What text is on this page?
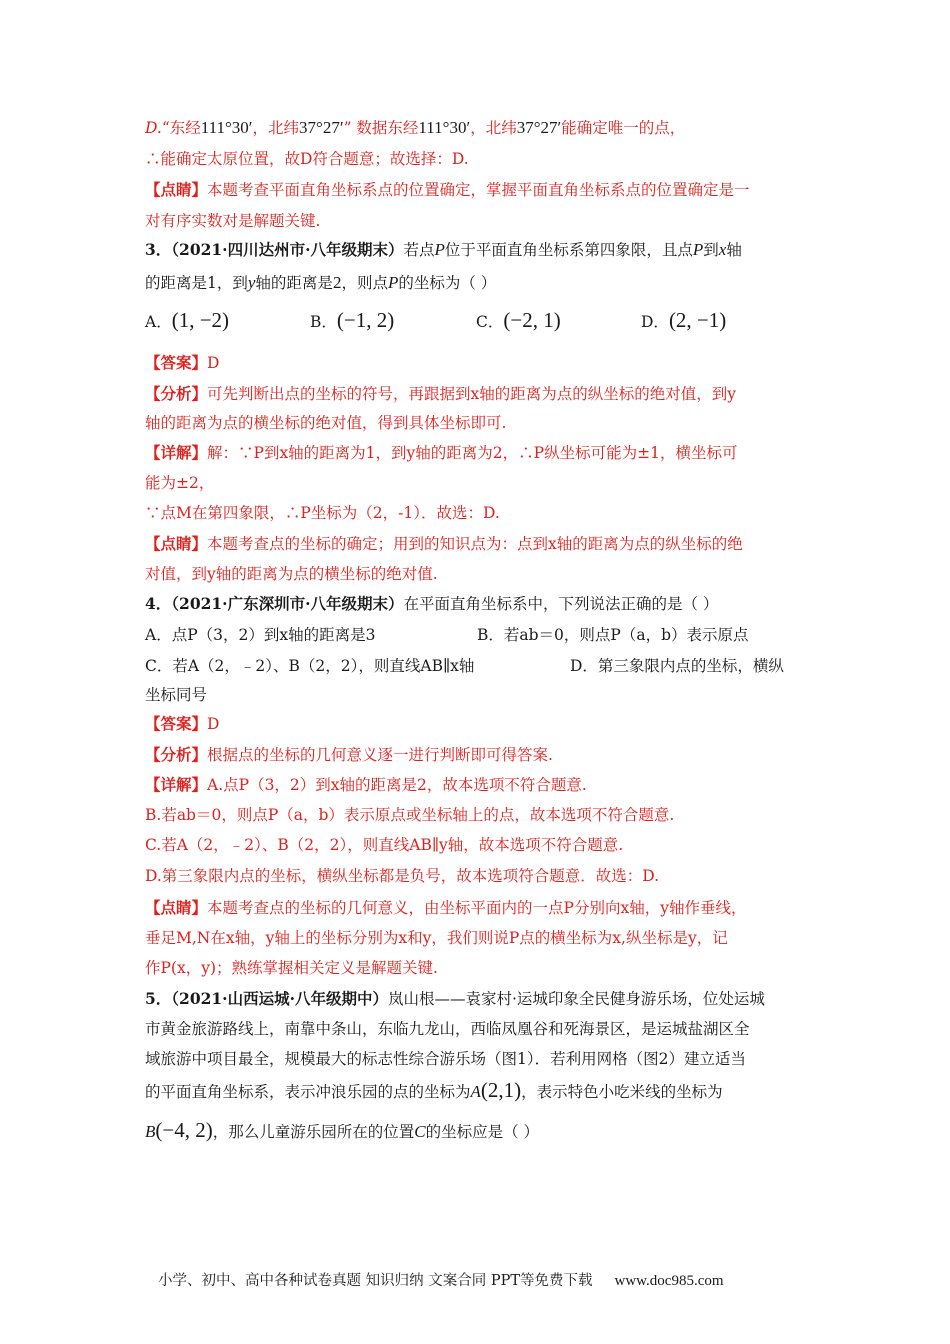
D.“东经111°30′，北纬37°27′” 数据东经111°30′，北纬37°27′能确定唯一的点，
∴能确定太原位置，故D符合题意；故选择：D.
【点睛】本题考查平面直角坐标系点的位置确定，掌握平面直角坐标系点的位置确定是一
对有序实数对是解题关键.
3．（2021·四川达州市·八年级期末）若点P位于平面直角坐标系第四象限，且点P到x轴
的距离是1，到y轴的距离是2，则点P的坐标为（ ）
A．(1, −2)	B．(−1, 2)	C．(−2, 1)	D．(2, −1)
【答案】D
【分析】可先判断出点的坐标的符号，再跟据到x轴的距离为点的纵坐标的绝对值，到y
轴的距离为点的横坐标的绝对值，得到具体坐标即可.
【详解】解：∵P到x轴的距离为1，到y轴的距离为2，∴P纵坐标可能为±1，横坐标可
能为±2，
∵点M在第四象限，∴P坐标为（2，-1）．故选：D.
【点睛】本题考查点的坐标的确定；用到的知识点为：点到x轴的距离为点的纵坐标的绝
对值，到y轴的距离为点的横坐标的绝对值.
4．（2021·广东深圳市·八年级期末）在平面直角坐标系中，下列说法正确的是（ ）
A．点P（3，2）到x轴的距离是3	B．若ab＝0，则点P（a，b）表示原点
C．若A（2，﹣2）、B（2，2），则直线AB∥x轴	D．第三象限内点的坐标，横纵
坐标同号
【答案】D
【分析】根据点的坐标的几何意义逐一进行判断即可得答案.
【详解】A.点P（3，2）到x轴的距离是2，故本选项不符合题意.
B.若ab＝0，则点P（a，b）表示原点或坐标轴上的点，故本选项不符合题意.
C.若A（2，﹣2）、B（2，2），则直线AB∥y轴，故本选项不符合题意.
D.第三象限内点的坐标，横纵坐标都是负号，故本选项符合题意．故选：D.
【点睛】本题考查点的坐标的几何意义，由坐标平面内的一点P分别向x轴，y轴作垂线，
垂足M,N在x轴，y轴上的坐标分别为x和y，我们则说P点的横坐标为x,纵坐标是y，记
作P(x，y)；熟练掌握相关定义是解题关键.
5．（2021·山西运城·八年级期中）岚山根——袁家村·运城印象全民健身游乐场，位处运城
市黄金旅游路线上，南靠中条山，东临九龙山，西临凤凰谷和死海景区，是运城盐湖区全
域旅游中项目最全，规模最大的标志性综合游乐场（图1）．若利用网格（图2）建立适当
的平面直角坐标系，表示冲浪乐园的点的坐标为A(2,1)，表示特色小吃米线的坐标为
B(−4, 2)，那么儿童游乐园所在的位置C的坐标应是（ ）
小学、初中、高中各种试卷真题 知识归纳 文案合同 PPT等免费下载 www.doc985.com
